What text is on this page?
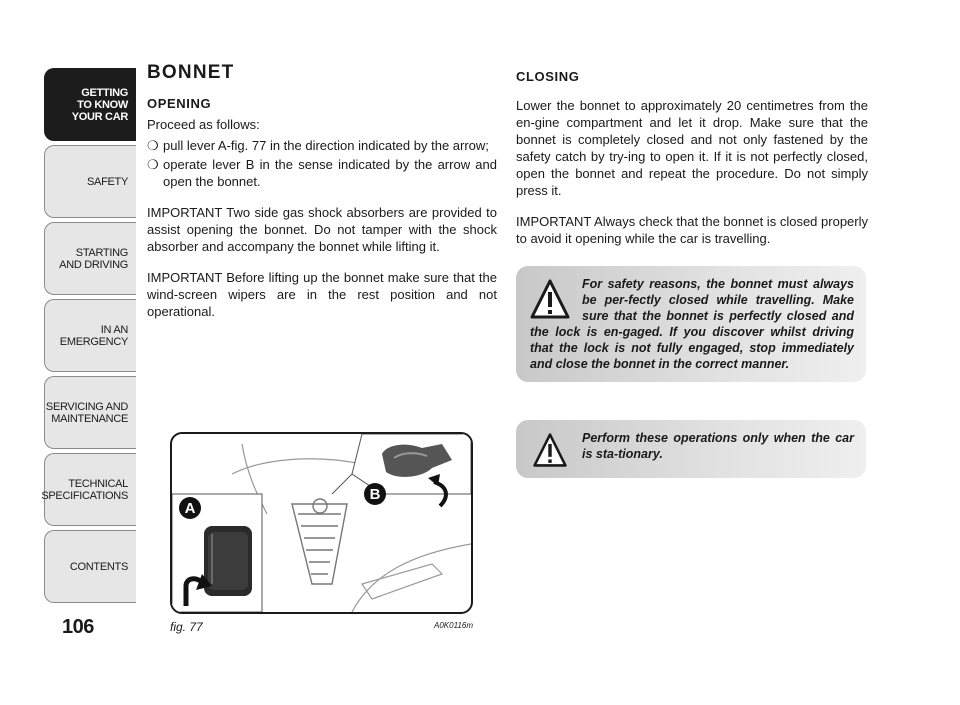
GETTING
TO KNOW
YOUR CAR
SAFETY
STARTING
AND DRIVING
IN AN
EMERGENCY
SERVICING AND
MAINTENANCE
TECHNICAL
SPECIFICATIONS
CONTENTS
106
BONNET
OPENING

Proceed as follows:

❍ pull lever A-fig. 77 in the direction indicated by the arrow;
❍ operate lever B in the sense indicated by the arrow and open the bonnet.

IMPORTANT Two side gas shock absorbers are provided to assist opening the bonnet. Do not tamper with the shock absorber and accompany the bonnet while lifting it.

IMPORTANT Before lifting up the bonnet make sure that the wind-screen wipers are in the rest position and not operational.

CLOSING

Lower the bonnet to approximately 20 centimetres from the en-gine compartment and let it drop. Make sure that the bonnet is completely closed and not only fastened by the safety catch by try-ing to open it. If it is not perfectly closed, open the bonnet and repeat the procedure. Do not simply press it.

IMPORTANT Always check that the bonnet is closed properly to avoid it opening while the car is travelling.

For safety reasons, the bonnet must always be per-fectly closed while travelling. Make sure that the bonnet is perfectly closed and the lock is en-gaged. If you discover whilst driving that the lock is not fully engaged, stop immediately and close the bonnet in the correct manner.

Perform these operations only when the car is sta-tionary.

A
B
fig. 77	A0K0116m
